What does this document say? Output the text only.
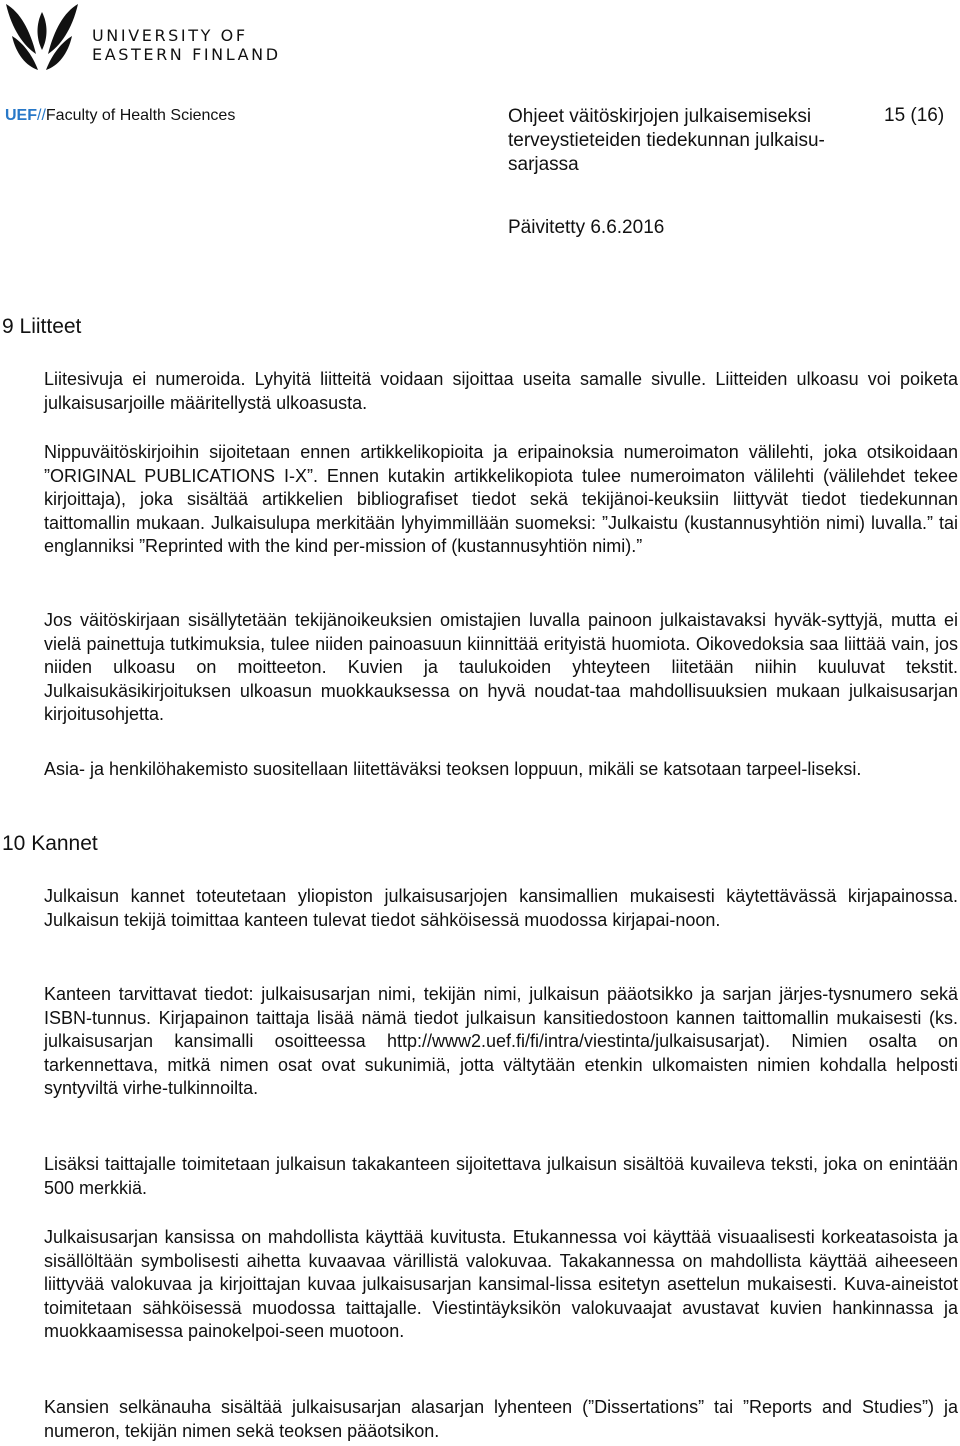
UNIVERSITY OF
EASTERN FINLAND
UEF//Faculty of Health Sciences	Ohjeet väitöskirjojen julkaisemiseksi terveystieteiden tiedekunnan julkaisu-sarjassa
15 (16)
Päivitetty 6.6.2016
9 Liitteet
Liitesivuja ei numeroida. Lyhyitä liitteitä voidaan sijoittaa useita samalle sivulle. Liitteiden ulkoasu voi poiketa julkaisusarjoille määritellystä ulkoasusta.
Nippuväitöskirjoihin sijoitetaan ennen artikkelikopioita ja eripainoksia numeroimaton välilehti, joka otsikoidaan ”ORIGINAL PUBLICATIONS I-X”. Ennen kutakin artikkelikopiota tulee numeroimaton välilehti (välilehdet tekee kirjoittaja), joka sisältää artikkelien bibliografiset tiedot sekä tekijänoi-keuksiin liittyvät tiedot tiedekunnan taittomallin mukaan. Julkaisulupa merkitään lyhyimmillään suomeksi: ”Julkaistu (kustannusyhtiön nimi) luvalla.” tai englanniksi ”Reprinted with the kind per-mission of (kustannusyhtiön nimi).”
Jos väitöskirjaan sisällytetään tekijänoikeuksien omistajien luvalla painoon julkaistavaksi hyväk-syttyjä, mutta ei vielä painettuja tutkimuksia, tulee niiden painoasuun kiinnittää erityistä huomiota. Oikovedoksia saa liittää vain, jos niiden ulkoasu on moitteeton. Kuvien ja taulukoiden yhteyteen liitetään niihin kuuluvat tekstit. Julkaisukäsikirjoituksen ulkoasun muokkauksessa on hyvä noudat-taa mahdollisuuksien mukaan julkaisusarjan kirjoitusohjetta.
Asia- ja henkilöhakemisto suositellaan liitettäväksi teoksen loppuun, mikäli se katsotaan tarpeel-liseksi.
10 Kannet
Julkaisun kannet toteutetaan yliopiston julkaisusarjojen kansimallien mukaisesti käytettävässä kirjapainossa. Julkaisun tekijä toimittaa kanteen tulevat tiedot sähköisessä muodossa kirjapai-noon.
Kanteen tarvittavat tiedot: julkaisusarjan nimi, tekijän nimi, julkaisun pääotsikko ja sarjan järjes-tysnumero sekä ISBN-tunnus. Kirjapainon taittaja lisää nämä tiedot julkaisun kansitiedostoon kannen taittomallin mukaisesti (ks. julkaisusarjan kansimalli osoitteessa http://www2.uef.fi/fi/intra/viestinta/julkaisusarjat). Nimien osalta on tarkennettava, mitkä nimen osat ovat sukunimiä, jotta vältytään etenkin ulkomaisten nimien kohdalla helposti syntyviltä virhe-tulkinnoilta.
Lisäksi taittajalle toimitetaan julkaisun takakanteen sijoitettava julkaisun sisältöä kuvaileva teksti, joka on enintään 500 merkkiä.
Julkaisusarjan kansissa on mahdollista käyttää kuvitusta. Etukannessa voi käyttää visuaalisesti korkeatasoista ja sisällöltään symbolisesti aihetta kuvaavaa värillistä valokuvaa. Takakannessa on mahdollista käyttää aiheeseen liittyvää valokuvaa ja kirjoittajan kuvaa julkaisusarjan kansimal-lissa esitetyn asettelun mukaisesti. Kuva-aineistot toimitetaan sähköisessä muodossa taittajalle. Viestintäyksikön valokuvaajat avustavat kuvien hankinnassa ja muokkaamisessa painokelpoi-seen muotoon.
Kansien selkänauha sisältää julkaisusarjan alasarjan lyhenteen (”Dissertations” tai ”Reports and Studies”) ja numeron, tekijän nimen sekä teoksen pääotsikon.
